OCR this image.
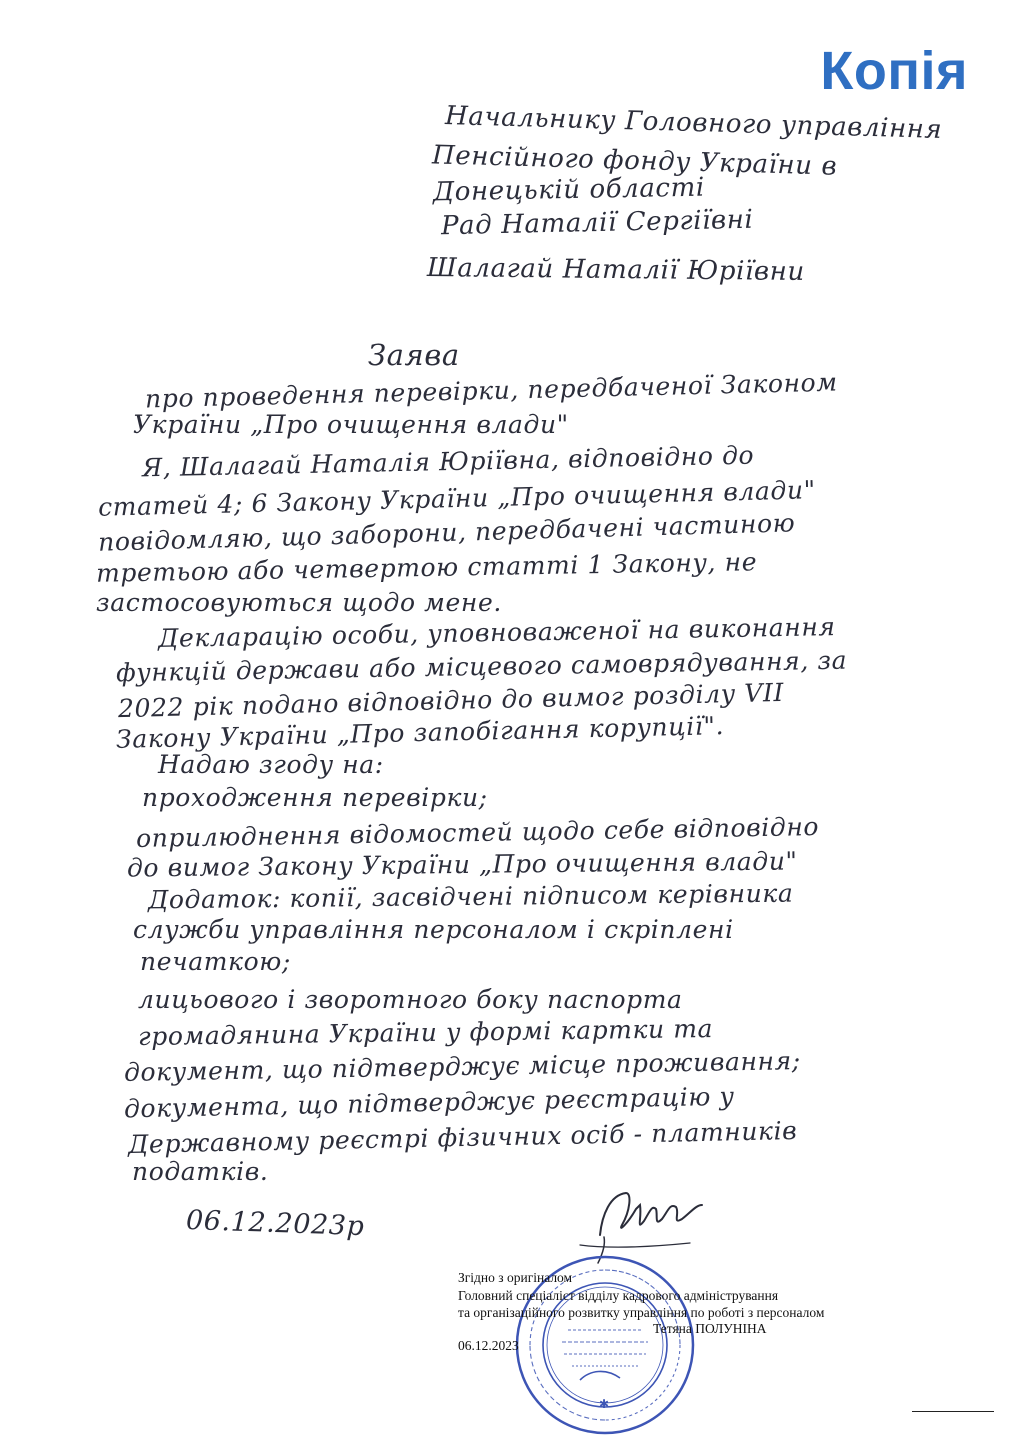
Копія
Начальнику Головного управління
Пенсійного фонду України в
Донецькій області
Рад Наталії Сергіївні
Шалагай Наталії Юріївни
Заява
про проведення перевірки, передбаченої Законом
України „Про очищення влади"
Я, Шалагай Наталія Юріївна, відповідно до
статей 4; 6 Закону України „Про очищення влади"
повідомляю, що заборони, передбачені частиною
третьою або четвертою статті 1 Закону, не
застосовуються щодо мене.
Декларацію особи, уповноваженої на виконання
функцій держави або місцевого самоврядування, за
2022 рік подано відповідно до вимог розділу VII
Закону України „Про запобігання корупції".
Надаю згоду на:
проходження перевірки;
оприлюднення відомостей щодо себе відповідно
до вимог Закону України „Про очищення влади"
Додаток: копії, засвідчені підписом керівника
служби управління персоналом і скріплені
печаткою;
лицьового і зворотного боку паспорта
громадянина України у формі картки та
документ, що підтверджує місце проживання;
документа, що підтверджує реєстрацію у
Державному реєстрі фізичних осіб - платників
податків.
06.12.2023р
✱
Згідно з оригіналом
Головний спеціаліст відділу кадрового адміністрування
та організаційного розвитку управління по роботі з персоналом
Тетяна ПОЛУНІНА
06.12.2023
